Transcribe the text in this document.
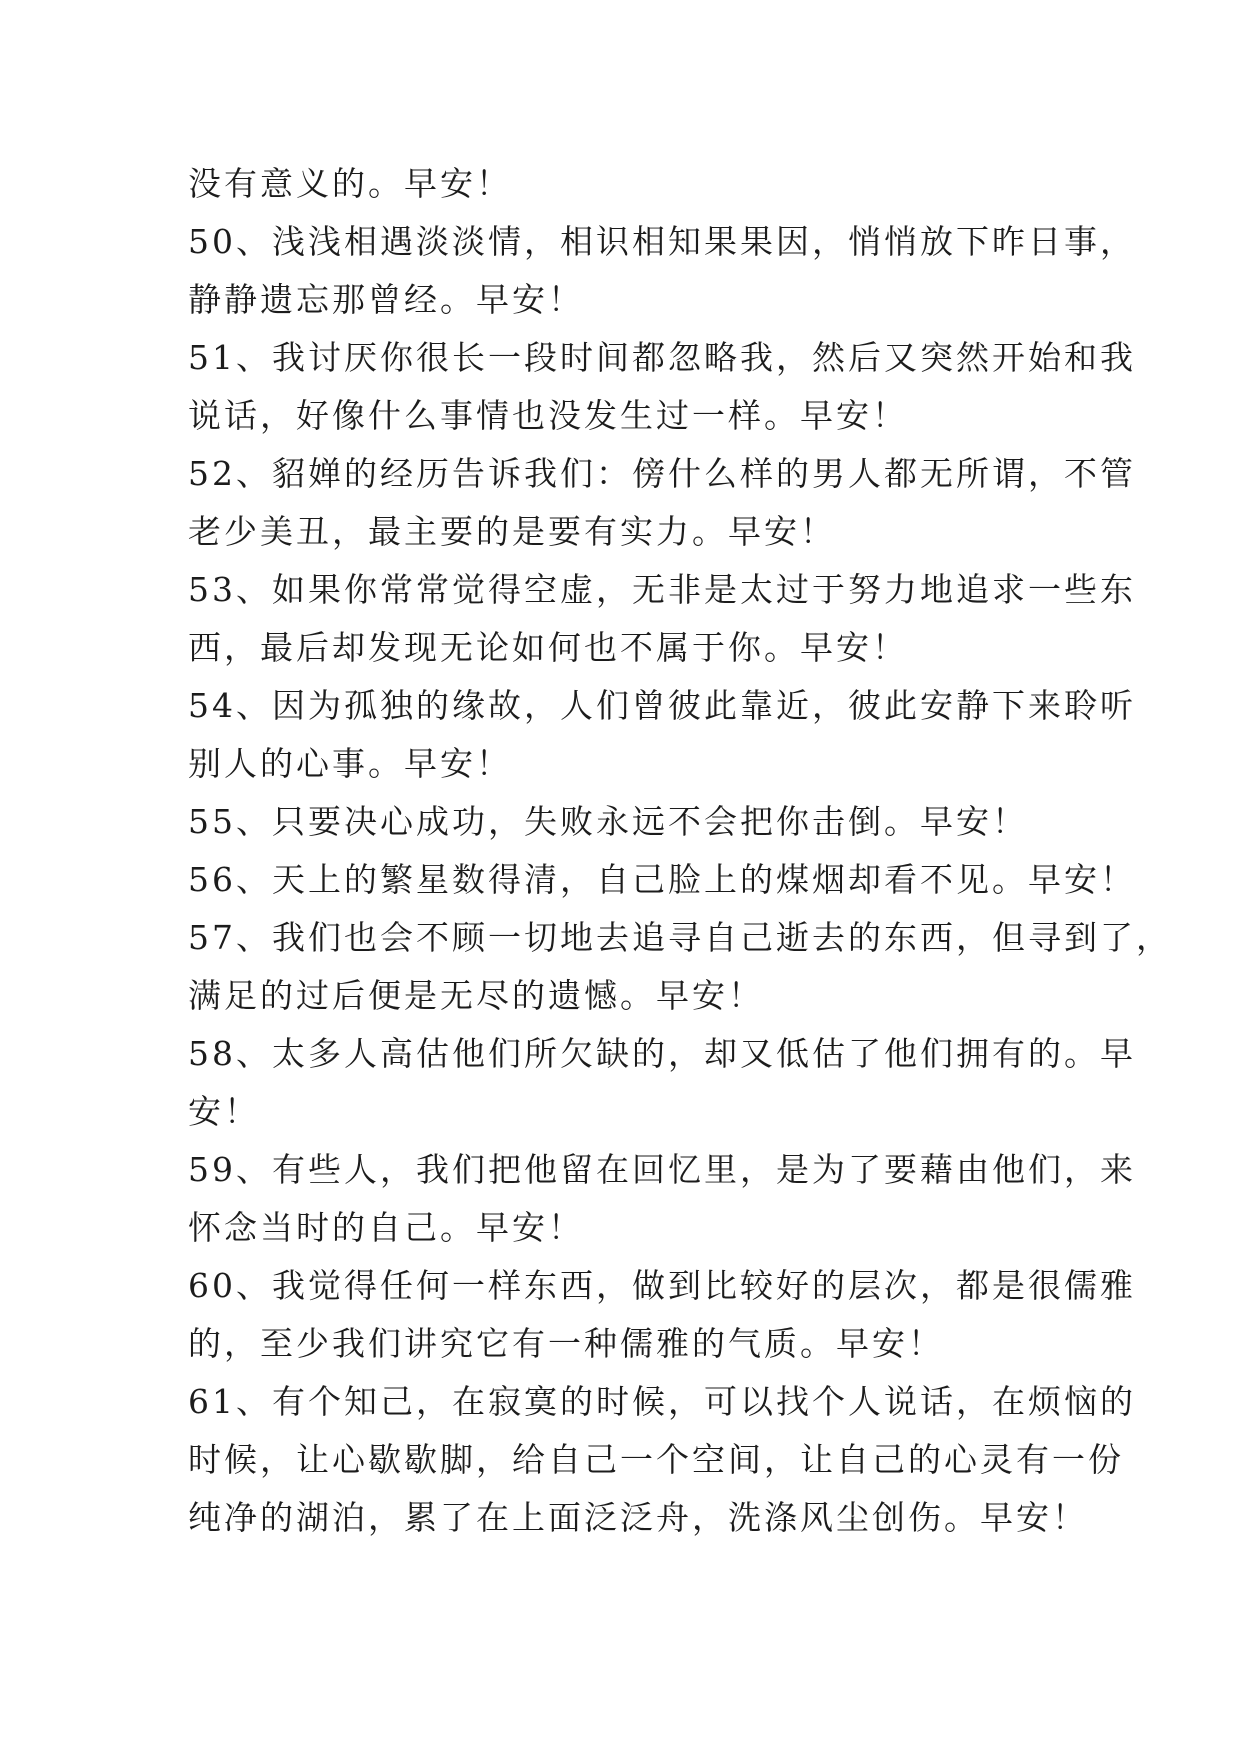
没有意义的。早安！
50、浅浅相遇淡淡情，相识相知果果因，悄悄放下昨日事，
静静遗忘那曾经。早安！
51、我讨厌你很长一段时间都忽略我，然后又突然开始和我
说话，好像什么事情也没发生过一样。早安！
52、貂婵的经历告诉我们：傍什么样的男人都无所谓，不管
老少美丑，最主要的是要有实力。早安！
53、如果你常常觉得空虚，无非是太过于努力地追求一些东
西，最后却发现无论如何也不属于你。早安！
54、因为孤独的缘故，人们曾彼此靠近，彼此安静下来聆听
别人的心事。早安！
55、只要决心成功，失败永远不会把你击倒。早安！
56、天上的繁星数得清，自己脸上的煤烟却看不见。早安！
57、我们也会不顾一切地去追寻自己逝去的东西，但寻到了，
满足的过后便是无尽的遗憾。早安！
58、太多人高估他们所欠缺的，却又低估了他们拥有的。早
安！
59、有些人，我们把他留在回忆里，是为了要藉由他们，来
怀念当时的自己。早安！
60、我觉得任何一样东西，做到比较好的层次，都是很儒雅
的，至少我们讲究它有一种儒雅的气质。早安！
61、有个知己，在寂寞的时候，可以找个人说话，在烦恼的
时候，让心歇歇脚，给自己一个空间，让自己的心灵有一份
纯净的湖泊，累了在上面泛泛舟，洗涤风尘创伤。早安！
